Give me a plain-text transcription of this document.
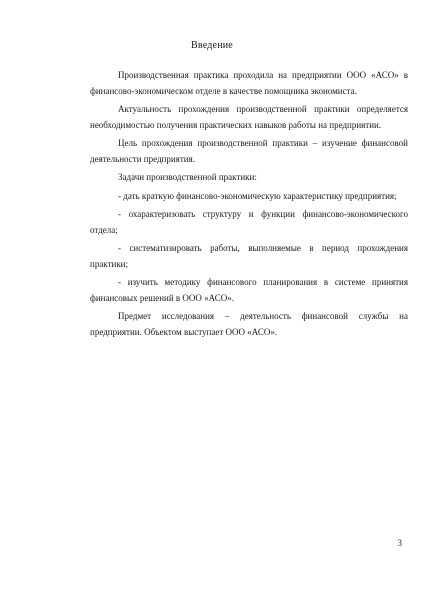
Введение

Производственная практика проходила на предприятии ООО «АСО» в финансово-экономическом отделе в качестве помощника экономиста.

Актуальность прохождения производственной практики определяется необходимостью получения практических навыков работы на предприятии.

Цель прохождения производственной практики – изучение финансовой деятельности предприятия.

Задачи производственной практики:

- дать краткую финансово-экономическую характеристику предприятия;

- охарактеризовать структуру и функции финансово-экономического отдела;

- систематизировать работы, выполняемые в период прохождения практики;

- изучить методику финансового планирования в системе принятия финансовых решений в ООО «АСО».

Предмет исследования – деятельность финансовой службы на предприятии. Объектом выступает ООО «АСО».

3
